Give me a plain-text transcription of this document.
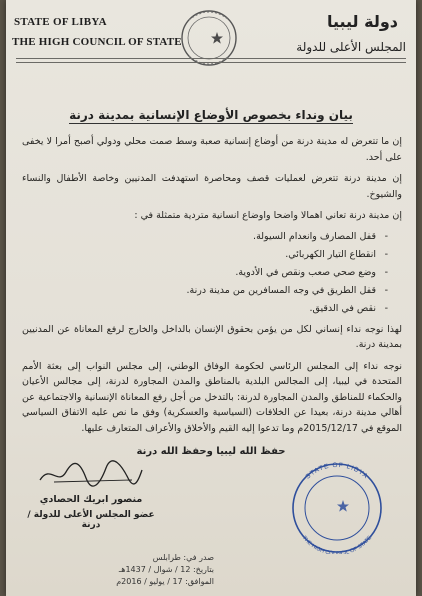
STATE OF LIBYA
THE HIGH COUNCIL OF STATE
دولة ليبيا
المجلس الأعلى للدولة
بيان ونداء بخصوص الأوضاع الإنسانية بمدينة درنة

إن ما تتعرض له مدينة درنة من أوضاع إنسانية صعبة وسط صمت محلي ودولي أصبح أمرا لا يخفى على أحد.

إن مدينة درنة تتعرض لعمليات قصف ومحاصرة استهدفت المدنيين وخاصة الأطفال والنساء والشيوخ.

إن مدينة درنة تعاني اهمالا واضحا واوضاع انسانية متردية متمثلة في :

- قفل المصارف وانعدام السيولة.
- انقطاع التيار الكهربائي.
- وضع صحي صعب ونقص في الأدوية.
- قفل الطريق في وجه المسافرين من مدينة درنة.
- نقص في الدقيق.

لهذا نوجه نداء إنساني لكل من يؤمن بحقوق الإنسان بالداخل والخارج لرفع المعاناة عن المدنيين بمدينة درنة.

نوجه نداء إلى المجلس الرئاسي لحكومة الوفاق الوطني، إلى مجلس النواب إلى بعثة الأمم المتحدة في ليبيا، إلى المجالس البلدية بالمناطق والمدن المجاورة لدرنة، إلى مجالس الأعيان والحكماء للمناطق والمدن المجاورة لدرنة: بالتدخل من أجل رفع المعاناة الإنسانية والاجتماعية عن أهالي مدينة درنة، بعيدا عن الخلافات (السياسية والعسكرية) وفق ما نص عليه الاتفاق السياسي الموقع في 2015/12/17م وما تدعوا إليه القيم والأخلاق والأعراف المتعارف عليها.

حفظ الله ليبيا وحفظ الله درنة
منصور ابريك الحصادي
عضو المجلس الأعلى للدولة / درنة
STATE OF LIBYA
THE HIGH COUNCIL OF STATE
صدر في: طرابلس
بتاريخ: 12 / شوال / 1437هـ
الموافق: 17 / يوليو / 2016م
